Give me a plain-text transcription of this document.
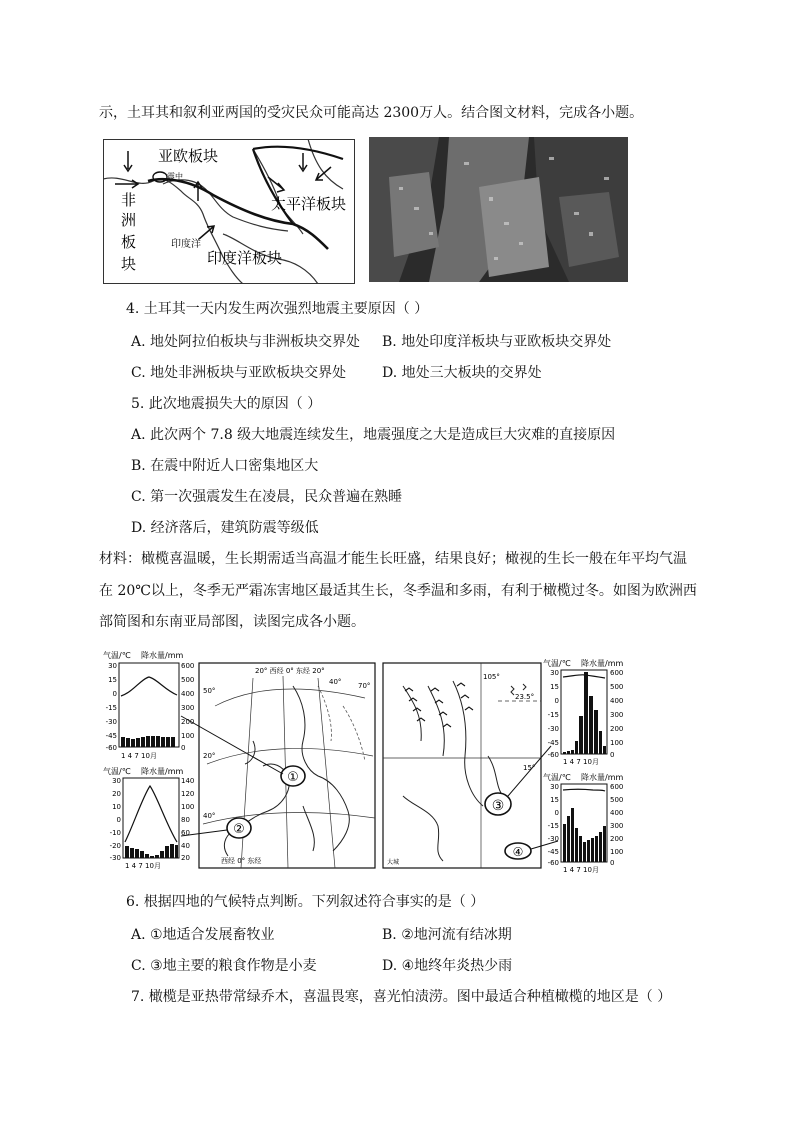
示，土耳其和叙利亚两国的受灾民众可能高达 2300万人。结合图文材料，完成各小题。
亚欧板块
震中
非
洲
板
块
太平洋板块
印度洋
印度洋板块
4. 土耳其一天内发生两次强烈地震主要原因（ ）
A. 地处阿拉伯板块与非洲板块交界处 B. 地处印度洋板块与亚欧板块交界处
C. 地处非洲板块与亚欧板块交界处	D. 地处三大板块的交界处
5. 此次地震损失大的原因（ ）
A. 此次两个 7.8 级大地震连续发生，地震强度之大是造成巨大灾难的直接原因
B. 在震中附近人口密集地区大
C. 第一次强震发生在凌晨，民众普遍在熟睡
D. 经济落后，建筑防震等级低
材料：橄榄喜温暖，生长期需适当高温才能生长旺盛，结果良好；橄视的生长一般在年平均气温
在 20℃以上，冬季无严霜冻害地区最适其生长，冬季温和多雨，有利于橄榄过冬。如图为欧洲西
部简图和东南亚局部图，读图完成各小题。
气温/℃ 降水量/mm
30
15
0
-15
-30
-45
-60
600
500
400
300
200
100
0
1 4 7 10月
气温/℃ 降水量/mm
30
20
10
0
-10
-20
-30
140
120
100
80
60
40
20
1 4 7 10月
20° 西经 0° 东经 20°
50°
40° 70°
20°
40°
西经 0° 东经
①
②
105°
23.5°
15°
大城
③
④
气温/℃ 降水量/mm
30
15
0
-15
-30
-45
-60
600
500
400
300
200
100
0
1 4 7 10月
气温/℃ 降水量/mm
30
15
0
-15
-30
-45
-60
600
500
400
300
200
100
0
1 4 7 10月
6. 根据四地的气候特点判断。下列叙述符合事实的是（ ）
A. ①地适合发展畜牧业	B. ②地河流有结冰期
C. ③地主要的粮食作物是小麦	D. ④地终年炎热少雨
7. 橄榄是亚热带常绿乔木，喜温畏寒，喜光怕渍涝。图中最适合种植橄榄的地区是（ ）
